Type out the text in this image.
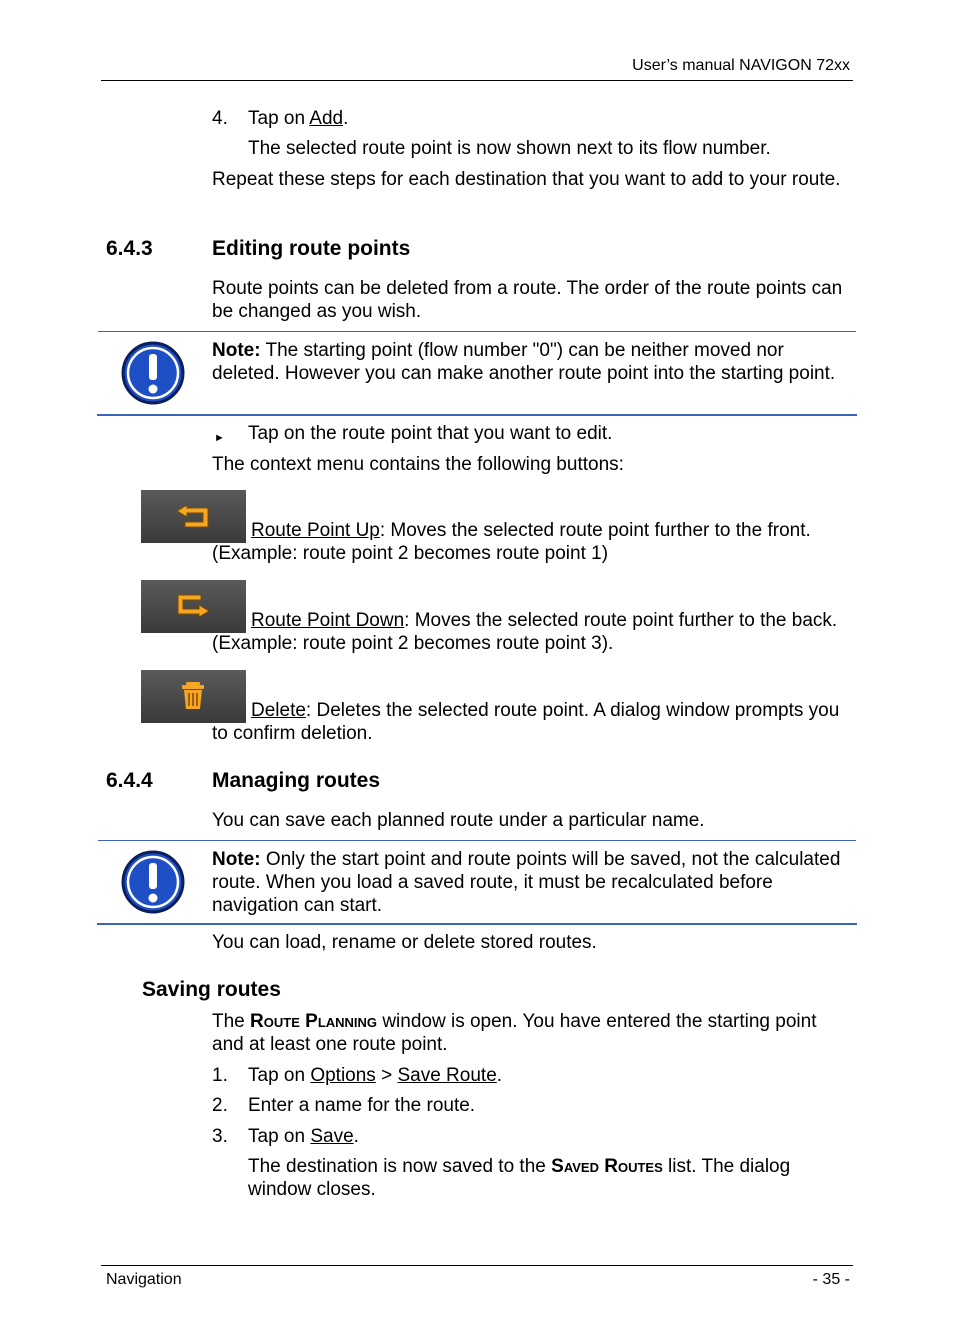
User’s manual NAVIGON 72xx
4. Tap on Add.
The selected route point is now shown next to its flow number.
Repeat these steps for each destination that you want to add to your route.
6.4.3	Editing route points
Route points can be deleted from a route. The order of the route points can be changed as you wish.
Note: The starting point (flow number "0") can be neither moved nor deleted. However you can make another route point into the starting point.
► Tap on the route point that you want to edit.
The context menu contains the following buttons:
Route Point Up: Moves the selected route point further to the front. (Example: route point 2 becomes route point 1)
Route Point Down: Moves the selected route point further to the back. (Example: route point 2 becomes route point 3).
Delete: Deletes the selected route point. A dialog window prompts you to confirm deletion.
6.4.4	Managing routes
You can save each planned route under a particular name.
Note: Only the start point and route points will be saved, not the calculated route. When you load a saved route, it must be recalculated before navigation can start.
You can load, rename or delete stored routes.
Saving routes
The Route Planning window is open. You have entered the starting point and at least one route point.
1. Tap on Options > Save Route.
2. Enter a name for the route.
3. Tap on Save.
The destination is now saved to the Saved Routes list. The dialog window closes.
Navigation	- 35 -
